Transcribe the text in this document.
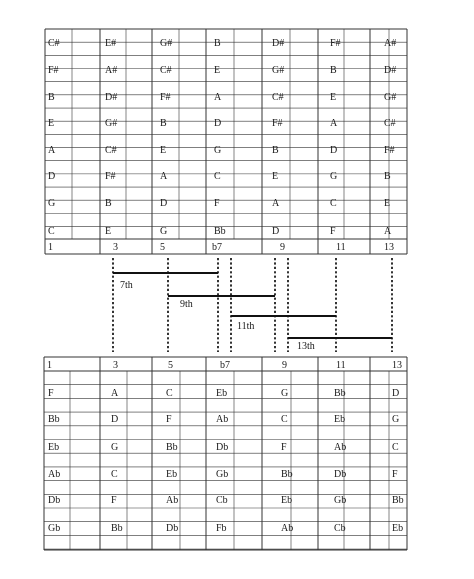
C#	E#	G#	B	D#	F#	A#
F#	A#	C#	E	G#	B	D#
B	D#	F#	A	C#	E	G#
E	G#	B	D	F#	A	C#
A	C#	E	G	B	D	F#
D	F#	A	C	E	G	B
G	B	D	F	A	C	E
C	E	G	Bb	D	F	A
1	3	5	b7	9	11	13
7th
9th
11th
13th
1	3	5	b7	9	11	13
F	A	C	Eb	G	Bb	D
Bb	D	F	Ab	C	Eb	G
Eb	G	Bb	Db	F	Ab	C
Ab	C	Eb	Gb	Bb	Db	F
Db	F	Ab	Cb	Eb	Gb	Bb
Gb	Bb	Db	Fb	Ab	Cb	Eb
